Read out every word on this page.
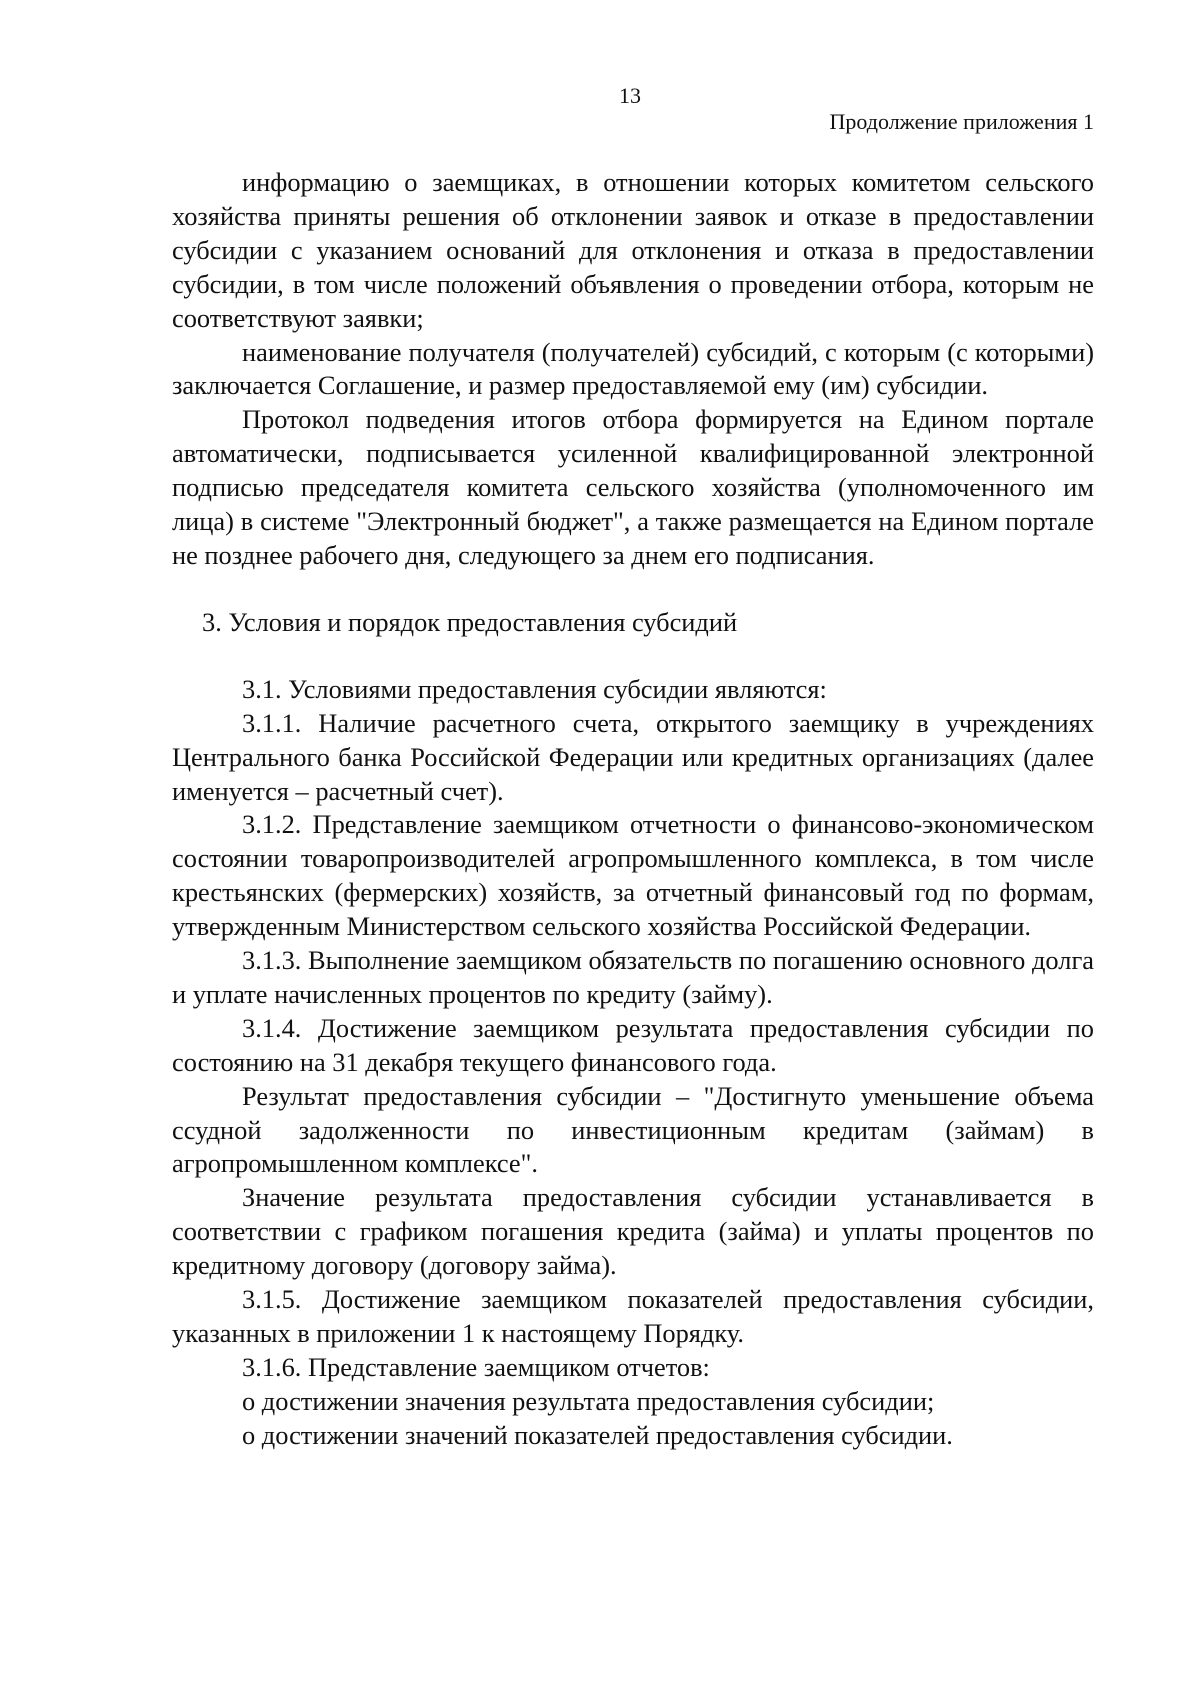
13
Продолжение приложения 1

информацию о заемщиках, в отношении которых комитетом сельского хозяйства приняты решения об отклонении заявок и отказе в предоставлении субсидии с указанием оснований для отклонения и отказа в предоставлении субсидии, в том числе положений объявления о проведении отбора, которым не соответствуют заявки;

наименование получателя (получателей) субсидий, с которым (с которыми) заключается Соглашение, и размер предоставляемой ему (им) субсидии.

Протокол подведения итогов отбора формируется на Едином портале автоматически, подписывается усиленной квалифицированной электронной подписью председателя комитета сельского хозяйства (уполномоченного им лица) в системе "Электронный бюджет", а также размещается на Едином портале не позднее рабочего дня, следующего за днем его подписания.

3. Условия и порядок предоставления субсидий

3.1. Условиями предоставления субсидии являются:

3.1.1. Наличие расчетного счета, открытого заемщику в учреждениях Центрального банка Российской Федерации или кредитных организациях (далее именуется – расчетный счет).

3.1.2. Представление заемщиком отчетности о финансово-экономическом состоянии товаропроизводителей агропромышленного комплекса, в том числе крестьянских (фермерских) хозяйств, за отчетный финансовый год по формам, утвержденным Министерством сельского хозяйства Российской Федерации.

3.1.3. Выполнение заемщиком обязательств по погашению основного долга и уплате начисленных процентов по кредиту (займу).

3.1.4. Достижение заемщиком результата предоставления субсидии по состоянию на 31 декабря текущего финансового года.

Результат предоставления субсидии – "Достигнуто уменьшение объема ссудной задолженности по инвестиционным кредитам (займам) в агропромышленном комплексе".

Значение результата предоставления субсидии устанавливается в соответствии с графиком погашения кредита (займа) и уплаты процентов по кредитному договору (договору займа).

3.1.5. Достижение заемщиком показателей предоставления субсидии, указанных в приложении 1 к настоящему Порядку.

3.1.6. Представление заемщиком отчетов:

о достижении значения результата предоставления субсидии;

о достижении значений показателей предоставления субсидии.
